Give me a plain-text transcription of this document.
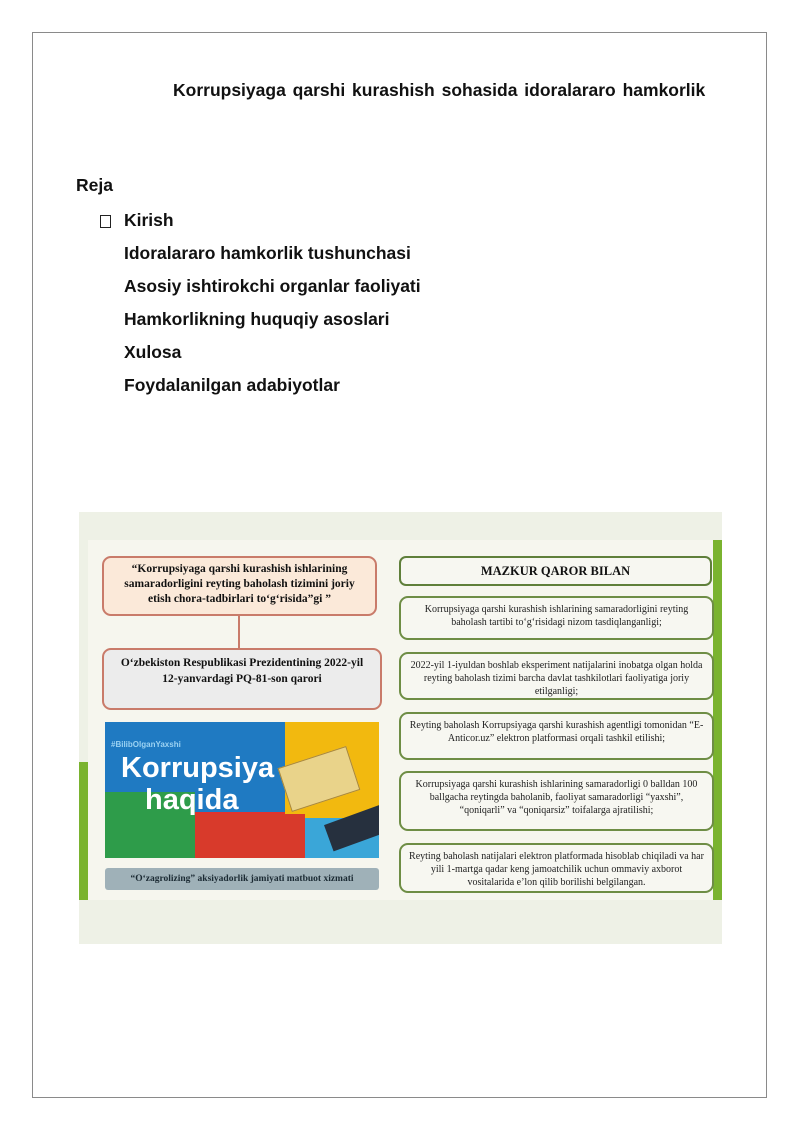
Korrupsiyaga qarshi kurashish sohasida idoralararo hamkorlik
Reja
Kirish
Idoralararo hamkorlik tushunchasi
Asosiy ishtirokchi organlar faoliyati
Hamkorlikning huquqiy asoslari
Xulosa
Foydalanilgan adabiyotlar
“Korrupsiyaga qarshi kurashish ishlarining samaradorligini reyting baholash tizimini joriy etish chora-tadbirlari to‘g‘risida”gi ”
O‘zbekiston Respublikasi Prezidentining 2022-yil 12-yanvardagi PQ-81-son qarori
#BilibOlganYaxshi
Korrupsiya
haqida
“O‘zagrolizing” aksiyadorlik jamiyati matbuot xizmati
MAZKUR QAROR BILAN
Korrupsiyaga qarshi kurashish ishlarining samaradorligini reyting baholash tartibi to‘g‘risidagi nizom tasdiqlanganligi;
2022-yil 1-iyuldan boshlab eksperiment natijalarini inobatga olgan holda reyting baholash tizimi barcha davlat tashkilotlari faoliyatiga joriy etilganligi;
Reyting baholash Korrupsiyaga qarshi kurashish agentligi tomonidan “E-Anticor.uz” elektron platformasi orqali tashkil etilishi;
Korrupsiyaga qarshi kurashish ishlarining samaradorligi 0 balldan 100 ballgacha reytingda baholanib, faoliyat samaradorligi “yaxshi”, “qoniqarli” va “qoniqarsiz” toifalarga ajratilishi;
Reyting baholash natijalari elektron platformada hisoblab chiqiladi va har yili 1-martga qadar keng jamoatchilik uchun ommaviy axborot vositalarida e’lon qilib borilishi belgilangan.
